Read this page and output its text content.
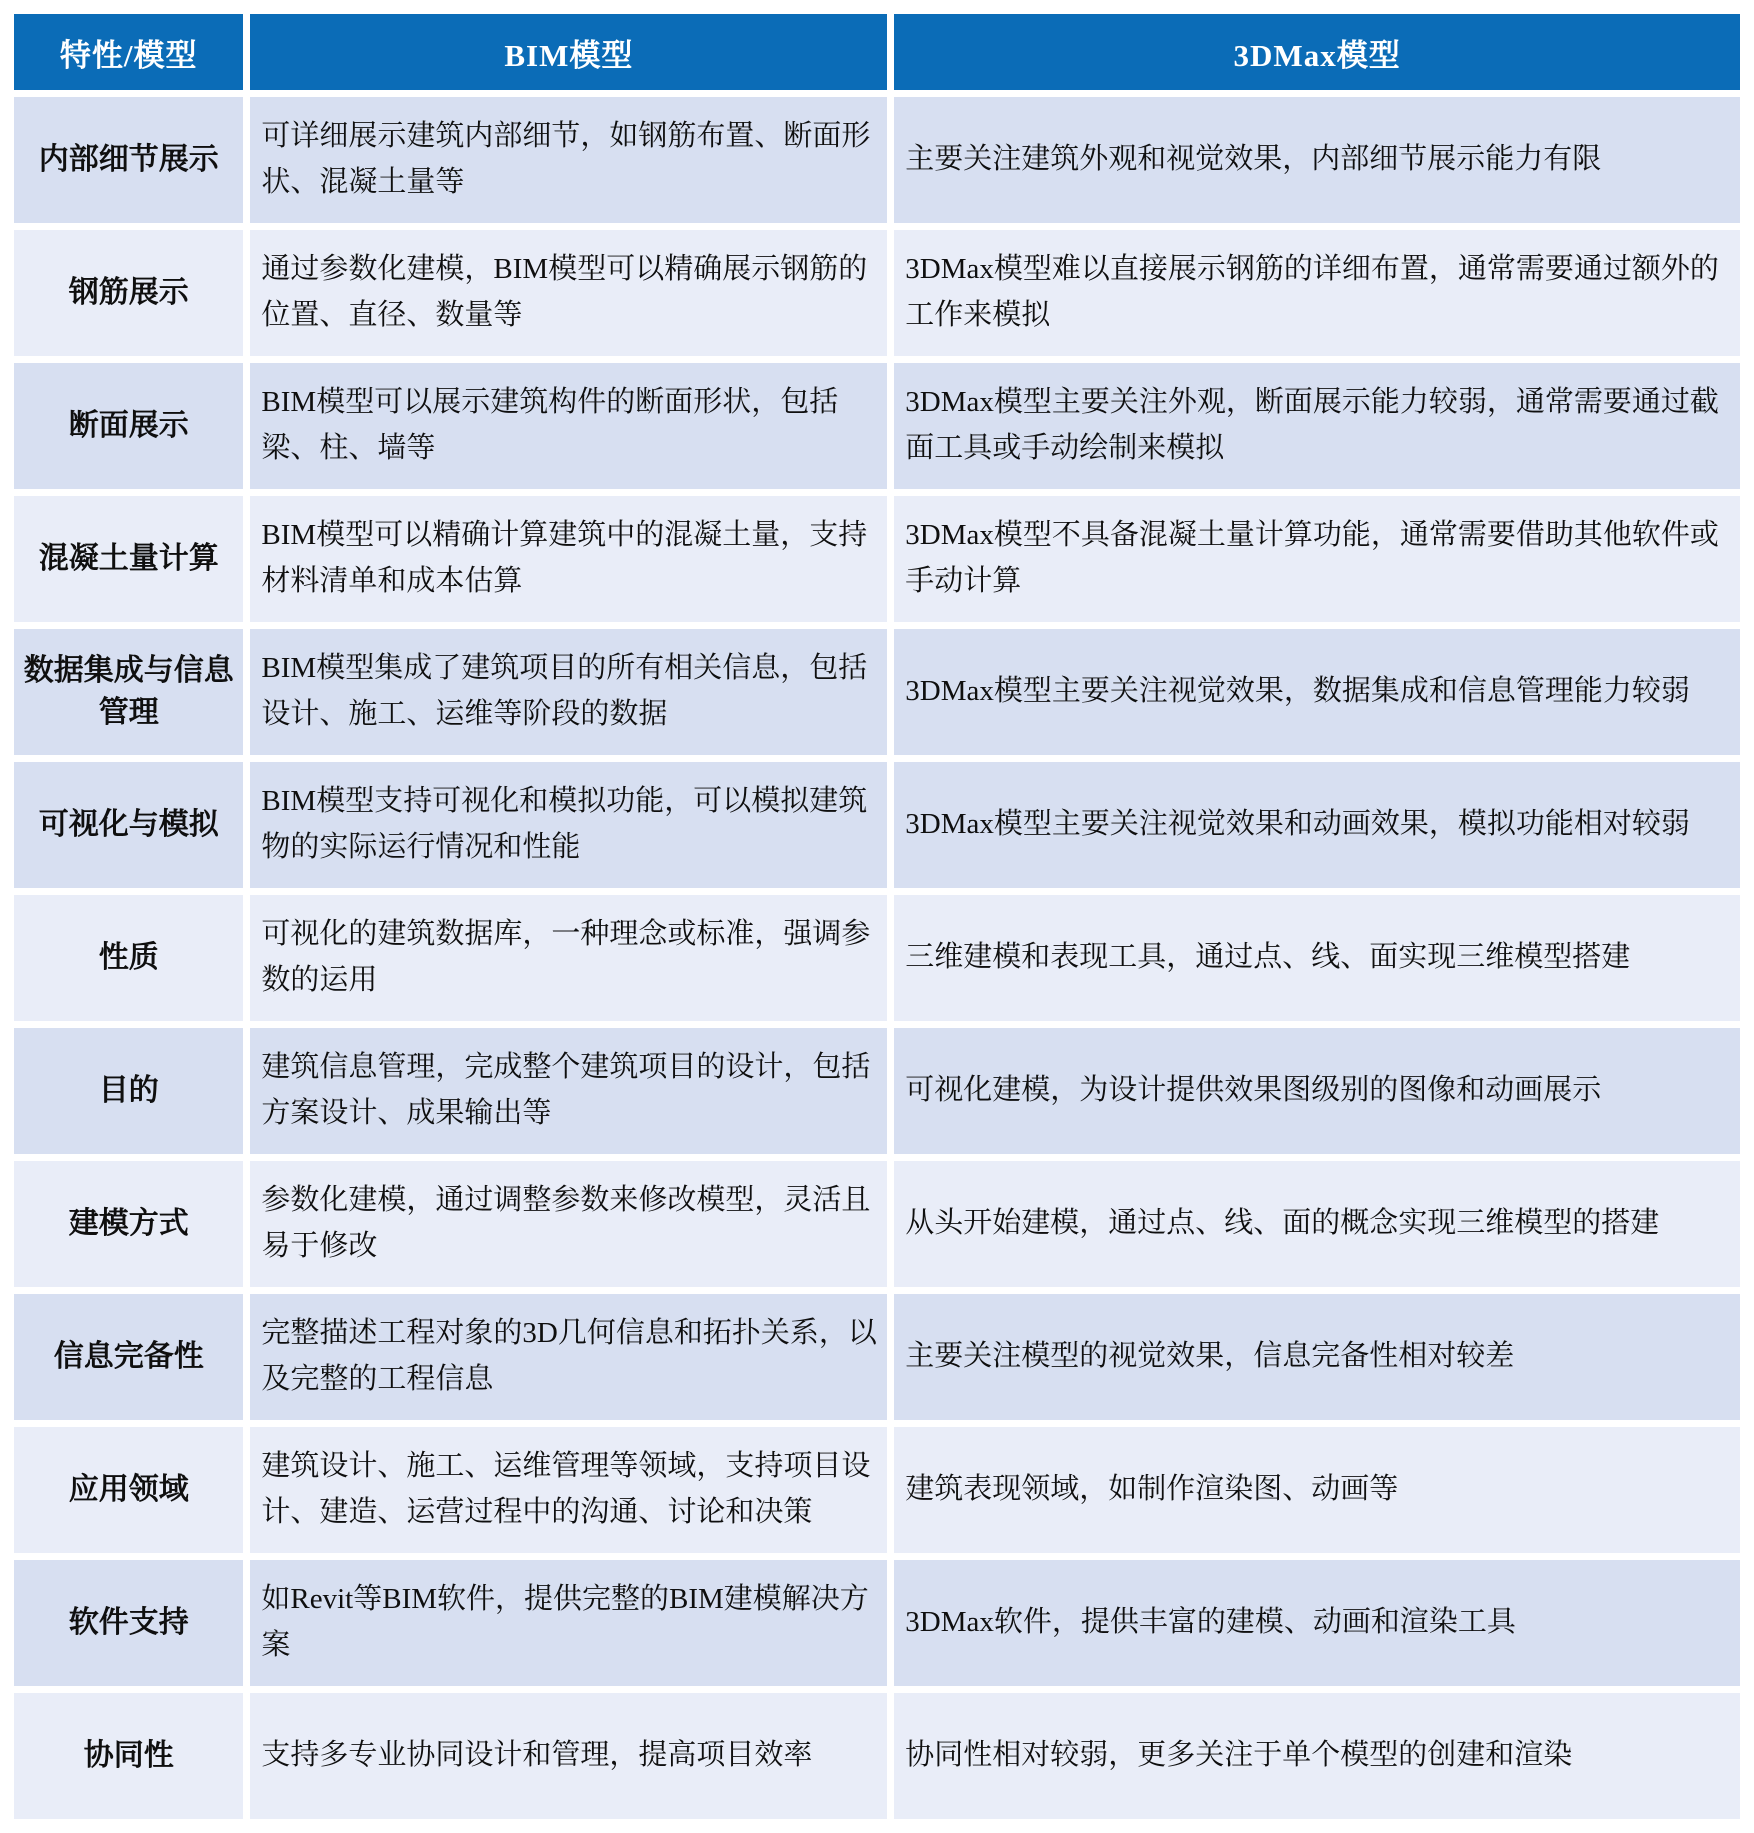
特性/模型	BIM模型	3DMax模型
内部细节展示	可详细展示建筑内部细节，如钢筋布置、断面形状、混凝土量等	主要关注建筑外观和视觉效果，内部细节展示能力有限
钢筋展示	通过参数化建模，BIM模型可以精确展示钢筋的位置、直径、数量等	3DMax模型难以直接展示钢筋的详细布置，通常需要通过额外的工作来模拟
断面展示	BIM模型可以展示建筑构件的断面形状，包括梁、柱、墙等	3DMax模型主要关注外观，断面展示能力较弱，通常需要通过截面工具或手动绘制来模拟
混凝土量计算	BIM模型可以精确计算建筑中的混凝土量，支持材料清单和成本估算	3DMax模型不具备混凝土量计算功能，通常需要借助其他软件或手动计算
数据集成与信息管理	BIM模型集成了建筑项目的所有相关信息，包括设计、施工、运维等阶段的数据	3DMax模型主要关注视觉效果，数据集成和信息管理能力较弱
可视化与模拟	BIM模型支持可视化和模拟功能，可以模拟建筑物的实际运行情况和性能	3DMax模型主要关注视觉效果和动画效果，模拟功能相对较弱
性质	可视化的建筑数据库，一种理念或标准，强调参数的运用	三维建模和表现工具，通过点、线、面实现三维模型搭建
目的	建筑信息管理，完成整个建筑项目的设计，包括方案设计、成果输出等	可视化建模，为设计提供效果图级别的图像和动画展示
建模方式	参数化建模，通过调整参数来修改模型，灵活且易于修改	从头开始建模，通过点、线、面的概念实现三维模型的搭建
信息完备性	完整描述工程对象的3D几何信息和拓扑关系，以及完整的工程信息	主要关注模型的视觉效果，信息完备性相对较差
应用领域	建筑设计、施工、运维管理等领域，支持项目设计、建造、运营过程中的沟通、讨论和决策	建筑表现领域，如制作渲染图、动画等
软件支持	如Revit等BIM软件，提供完整的BIM建模解决方案	3DMax软件，提供丰富的建模、动画和渲染工具
协同性	支持多专业协同设计和管理，提高项目效率	协同性相对较弱，更多关注于单个模型的创建和渲染
